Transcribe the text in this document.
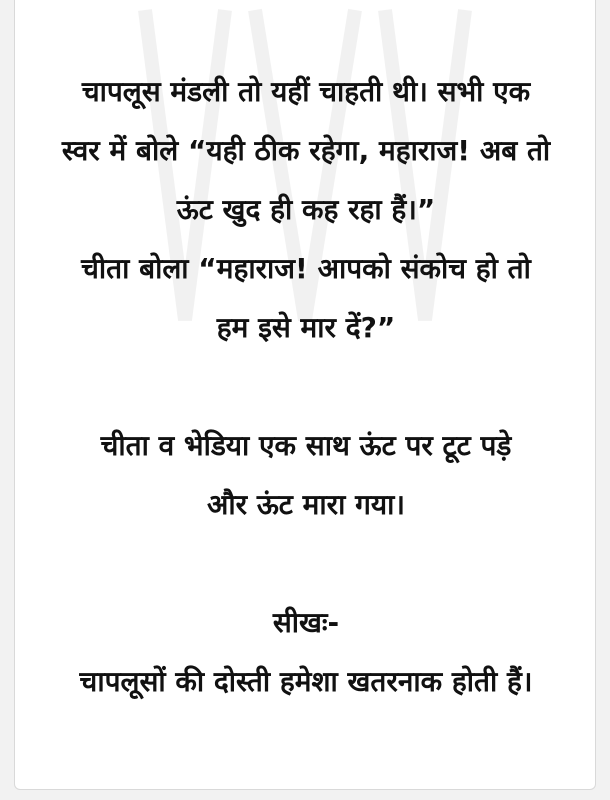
चापलूस मंडली तो यहीं चाहती थी। सभी एक
स्वर में बोले “यही ठीक रहेगा, महाराज! अब तो
ऊंट खुद ही कह रहा हैं।”
चीता बोला “महाराज! आपको संकोच हो तो
हम इसे मार दें?”
चीता व भेडिया एक साथ ऊंट पर टूट पड़े
और ऊंट मारा गया।
सीखः-
चापलूसों की दोस्ती हमेशा खतरनाक होती हैं।
